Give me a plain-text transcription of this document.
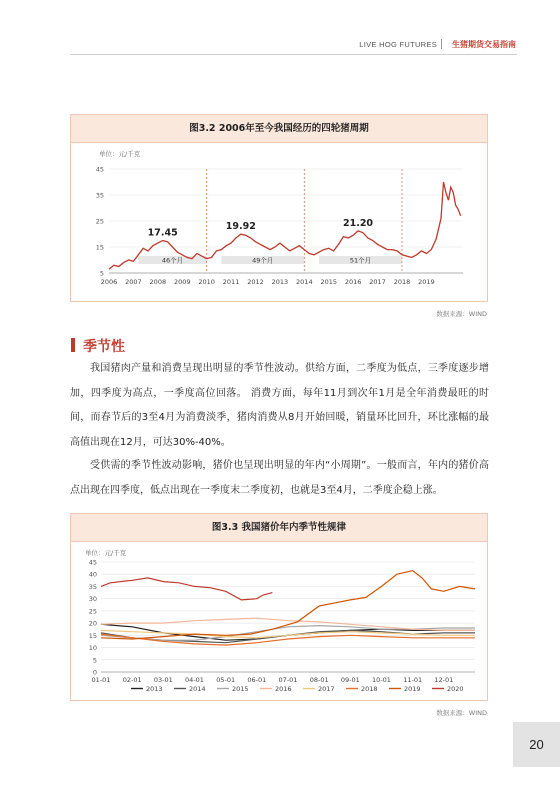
LIVE HOG FUTURES 生猪期货交易指南
图3.2 2006年至今我国经历的四轮猪周期
单位：元/千克
46个月	49个月	51个月
5
15
25
35
45
2006 2007 2008 2009 2010 2011 2012 2013 2014 2015 2016 2017 2018 2019
17.45
19.92	21.20
数据来源：WIND
季节性

我国猪肉产量和消费呈现出明显的季节性波动。供给方面，二季度为低点，三季度逐步增加，四季度为高点，一季度高位回落。 消费方面，每年11月到次年1月是全年消费最旺的时间，而春节后的3至4月为消费淡季，猪肉消费从8月开始回暖，销量环比回升，环比涨幅的最高值出现在12月，可达30%-40%。

受供需的季节性波动影响，猪价也呈现出明显的年内“小周期”。一般而言，年内的猪价高点出现在四季度，低点出现在一季度末二季度初，也就是3至4月，二季度企稳上涨。

图3.3 我国猪价年内季节性规律
单位：元/千克
0
5
10
15
20
25
30
35
40
45
01-01 02-01 03-01 04-01 05-01 06-01 07-01 08-01 09-01 10-01 11-01 12-01
2013	2014	2015	2016	2017	2018	2019	2020
数据来源：WIND
20
